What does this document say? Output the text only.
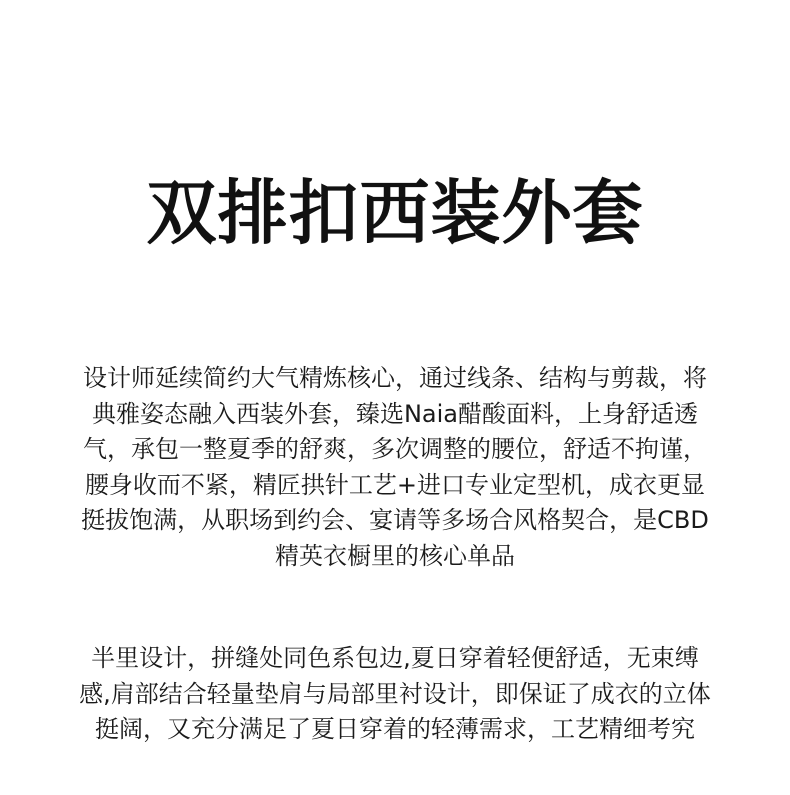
双排扣西装外套

设计师延续简约大气精炼核心，通过线条、结构与剪裁，将典雅姿态融入西装外套，臻选Naia醋酸面料，上身舒适透气，承包一整夏季的舒爽，多次调整的腰位，舒适不拘谨，腰身收而不紧，精匠拱针工艺+进口专业定型机，成衣更显挺拔饱满，从职场到约会、宴请等多场合风格契合，是CBD精英衣橱里的核心单品

半里设计，拼缝处同色系包边,夏日穿着轻便舒适，无束缚感,肩部结合轻量垫肩与局部里衬设计，即保证了成衣的立体挺阔，又充分满足了夏日穿着的轻薄需求，工艺精细考究
